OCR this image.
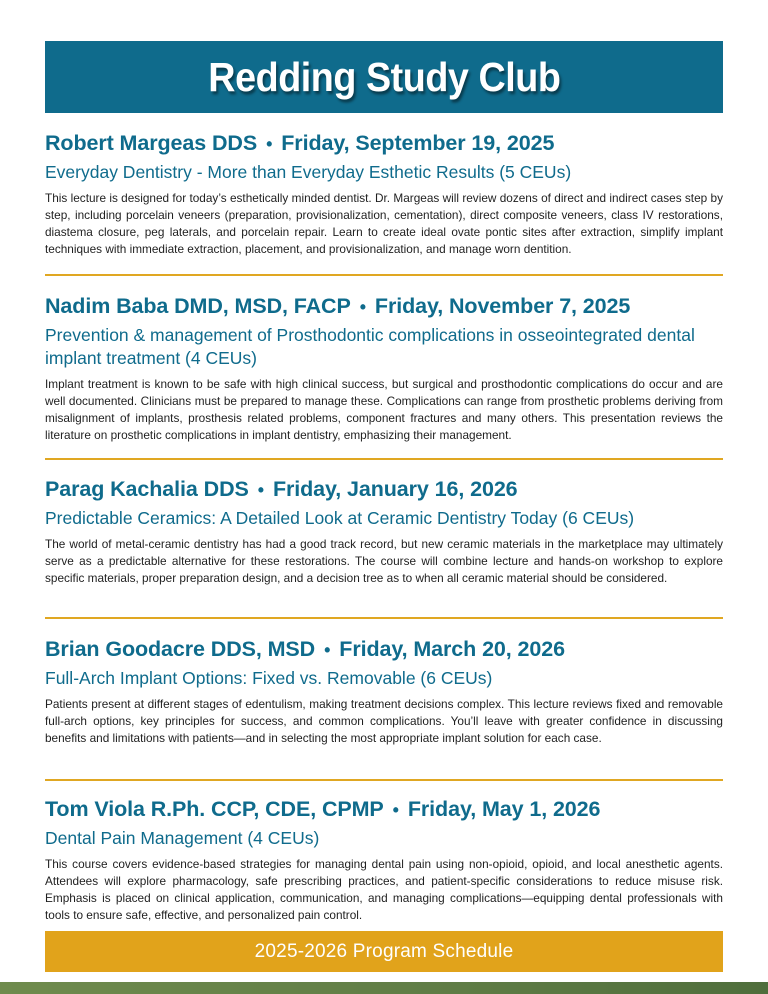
Redding Study Club
Robert Margeas DDS • Friday, September 19, 2025
Everyday Dentistry - More than Everyday Esthetic Results (5 CEUs)
This lecture is designed for today’s esthetically minded dentist. Dr. Margeas will review dozens of direct and indirect cases step by step, including porcelain veneers (preparation, provisionalization, cementation), direct composite veneers, class IV restorations, diastema closure, peg laterals, and porcelain repair. Learn to create ideal ovate pontic sites after extraction, simplify implant techniques with immediate extraction, placement, and provisionalization, and manage worn dentition.
Nadim Baba DMD, MSD, FACP • Friday, November 7, 2025
Prevention & management of Prosthodontic complications in osseointegrated dental implant treatment (4 CEUs)
Implant treatment is known to be safe with high clinical success, but surgical and prosthodontic complications do occur and are well documented. Clinicians must be prepared to manage these. Complications can range from prosthetic problems deriving from misalignment of implants, prosthesis related problems, component fractures and many others. This presentation reviews the literature on prosthetic complications in implant dentistry, emphasizing their management.
Parag Kachalia DDS • Friday, January 16, 2026
Predictable Ceramics: A Detailed Look at Ceramic Dentistry Today (6 CEUs)
The world of metal-ceramic dentistry has had a good track record, but new ceramic materials in the marketplace may ultimately serve as a predictable alternative for these restorations. The course will combine lecture and hands-on workshop to explore specific materials, proper preparation design, and a decision tree as to when all ceramic material should be considered.
Brian Goodacre DDS, MSD • Friday, March 20, 2026
Full-Arch Implant Options: Fixed vs. Removable (6 CEUs)
Patients present at different stages of edentulism, making treatment decisions complex. This lecture reviews fixed and removable full-arch options, key principles for success, and common complications. You’ll leave with greater confidence in discussing benefits and limitations with patients—and in selecting the most appropriate implant solution for each case.
Tom Viola R.Ph. CCP, CDE, CPMP • Friday, May 1, 2026
Dental Pain Management (4 CEUs)
This course covers evidence-based strategies for managing dental pain using non-opioid, opioid, and local anesthetic agents. Attendees will explore pharmacology, safe prescribing practices, and patient-specific considerations to reduce misuse risk. Emphasis is placed on clinical application, communication, and managing complications—equipping dental professionals with tools to ensure safe, effective, and personalized pain control.
2025-2026 Program Schedule
